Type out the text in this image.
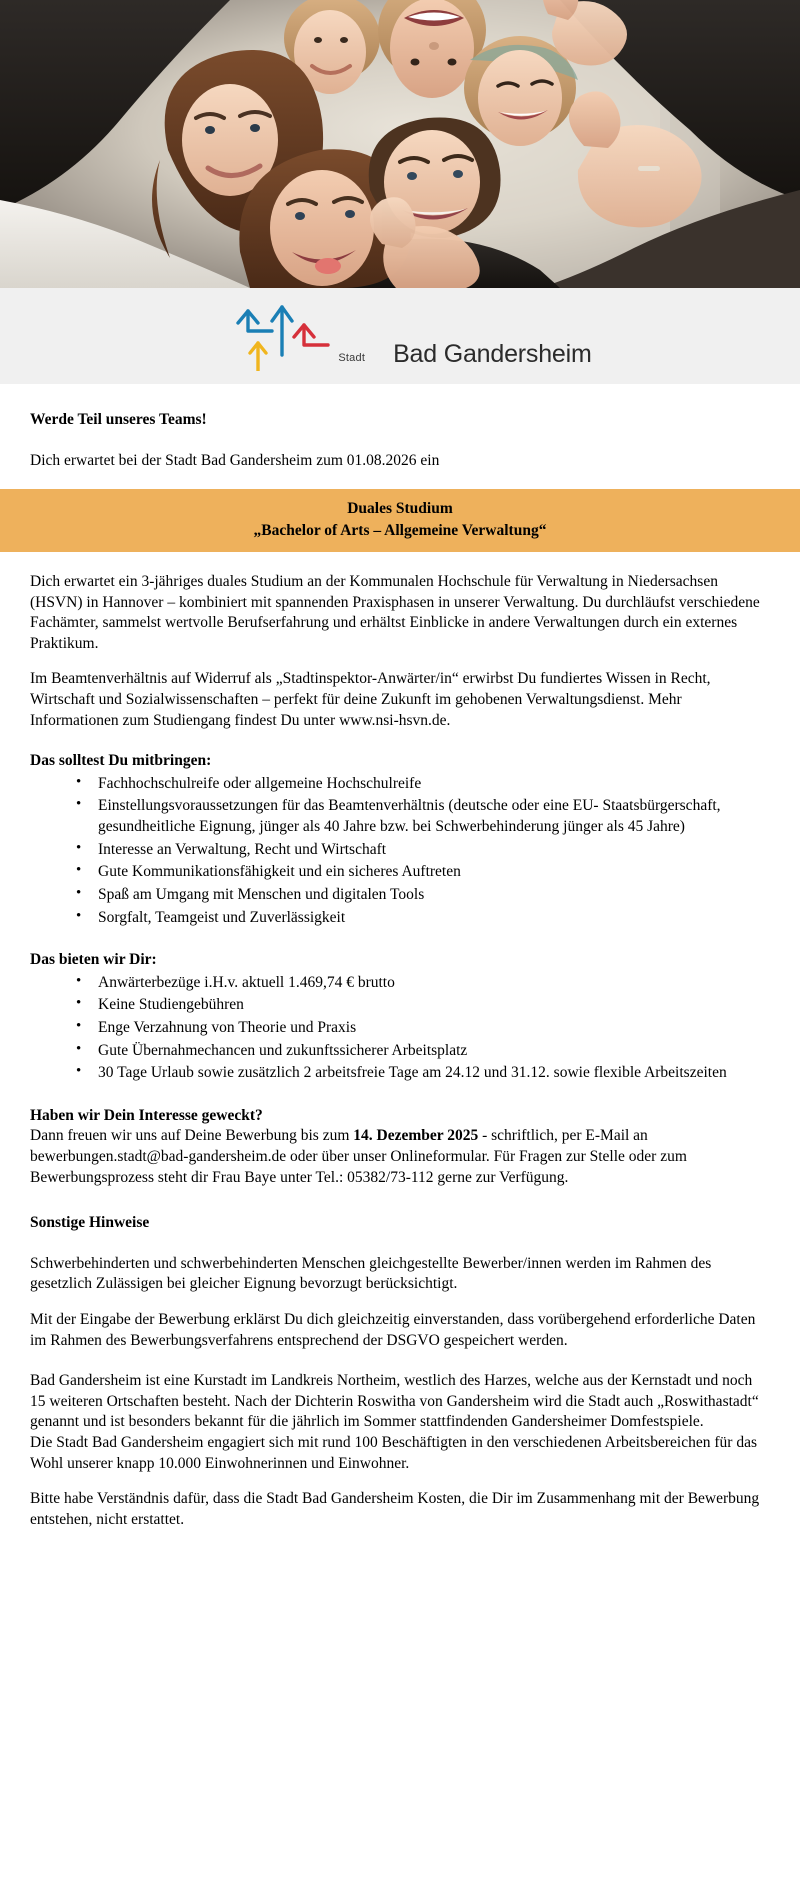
Stadt Bad Gandersheim
Werde Teil unseres Teams!

Dich erwartet bei der Stadt Bad Gandersheim zum 01.08.2026 ein

Duales Studium
„Bachelor of Arts – Allgemeine Verwaltung“

Dich erwartet ein 3-jähriges duales Studium an der Kommunalen Hochschule für Verwaltung in Niedersachsen (HSVN) in Hannover – kombiniert mit spannenden Praxisphasen in unserer Verwaltung. Du durchläufst verschiedene Fachämter, sammelst wertvolle Berufserfahrung und erhältst Einblicke in andere Verwaltungen durch ein externes Praktikum.

Im Beamtenverhältnis auf Widerruf als „Stadtinspektor-Anwärter/in“ erwirbst Du fundiertes Wissen in Recht, Wirtschaft und Sozialwissenschaften – perfekt für deine Zukunft im gehobenen Verwaltungsdienst. Mehr Informationen zum Studiengang findest Du unter www.nsi-hsvn.de.

Das solltest Du mitbringen:
• Fachhochschulreife oder allgemeine Hochschulreife
• Einstellungsvoraussetzungen für das Beamtenverhältnis (deutsche oder eine EU- Staatsbürgerschaft, gesundheitliche Eignung, jünger als 40 Jahre bzw. bei Schwerbehinderung jünger als 45 Jahre)
• Interesse an Verwaltung, Recht und Wirtschaft
• Gute Kommunikationsfähigkeit und ein sicheres Auftreten
• Spaß am Umgang mit Menschen und digitalen Tools
• Sorgfalt, Teamgeist und Zuverlässigkeit
Das bieten wir Dir:
• Anwärterbezüge i.H.v. aktuell 1.469,74 € brutto
• Keine Studiengebühren
• Enge Verzahnung von Theorie und Praxis
• Gute Übernahmechancen und zukunftssicherer Arbeitsplatz
• 30 Tage Urlaub sowie zusätzlich 2 arbeitsfreie Tage am 24.12 und 31.12. sowie flexible Arbeitszeiten
Haben wir Dein Interesse geweckt?

Dann freuen wir uns auf Deine Bewerbung bis zum 14. Dezember 2025 - schriftlich, per E-Mail an bewerbungen.stadt@bad-gandersheim.de oder über unser Onlineformular. Für Fragen zur Stelle oder zum Bewerbungsprozess steht dir Frau Baye unter Tel.: 05382/73-112 gerne zur Verfügung.

Sonstige Hinweise

Schwerbehinderten und schwerbehinderten Menschen gleichgestellte Bewerber/innen werden im Rahmen des gesetzlich Zulässigen bei gleicher Eignung bevorzugt berücksichtigt.

Mit der Eingabe der Bewerbung erklärst Du dich gleichzeitig einverstanden, dass vorübergehend erforderliche Daten im Rahmen des Bewerbungsverfahrens entsprechend der DSGVO gespeichert werden.

Bad Gandersheim ist eine Kurstadt im Landkreis Northeim, westlich des Harzes, welche aus der Kernstadt und noch 15 weiteren Ortschaften besteht. Nach der Dichterin Roswitha von Gandersheim wird die Stadt auch „Roswithastadt“ genannt und ist besonders bekannt für die jährlich im Sommer stattfindenden Gandersheimer Domfestspiele.

Die Stadt Bad Gandersheim engagiert sich mit rund 100 Beschäftigten in den verschiedenen Arbeitsbereichen für das Wohl unserer knapp 10.000 Einwohnerinnen und Einwohner.

Bitte habe Verständnis dafür, dass die Stadt Bad Gandersheim Kosten, die Dir im Zusammenhang mit der Bewerbung entstehen, nicht erstattet.
